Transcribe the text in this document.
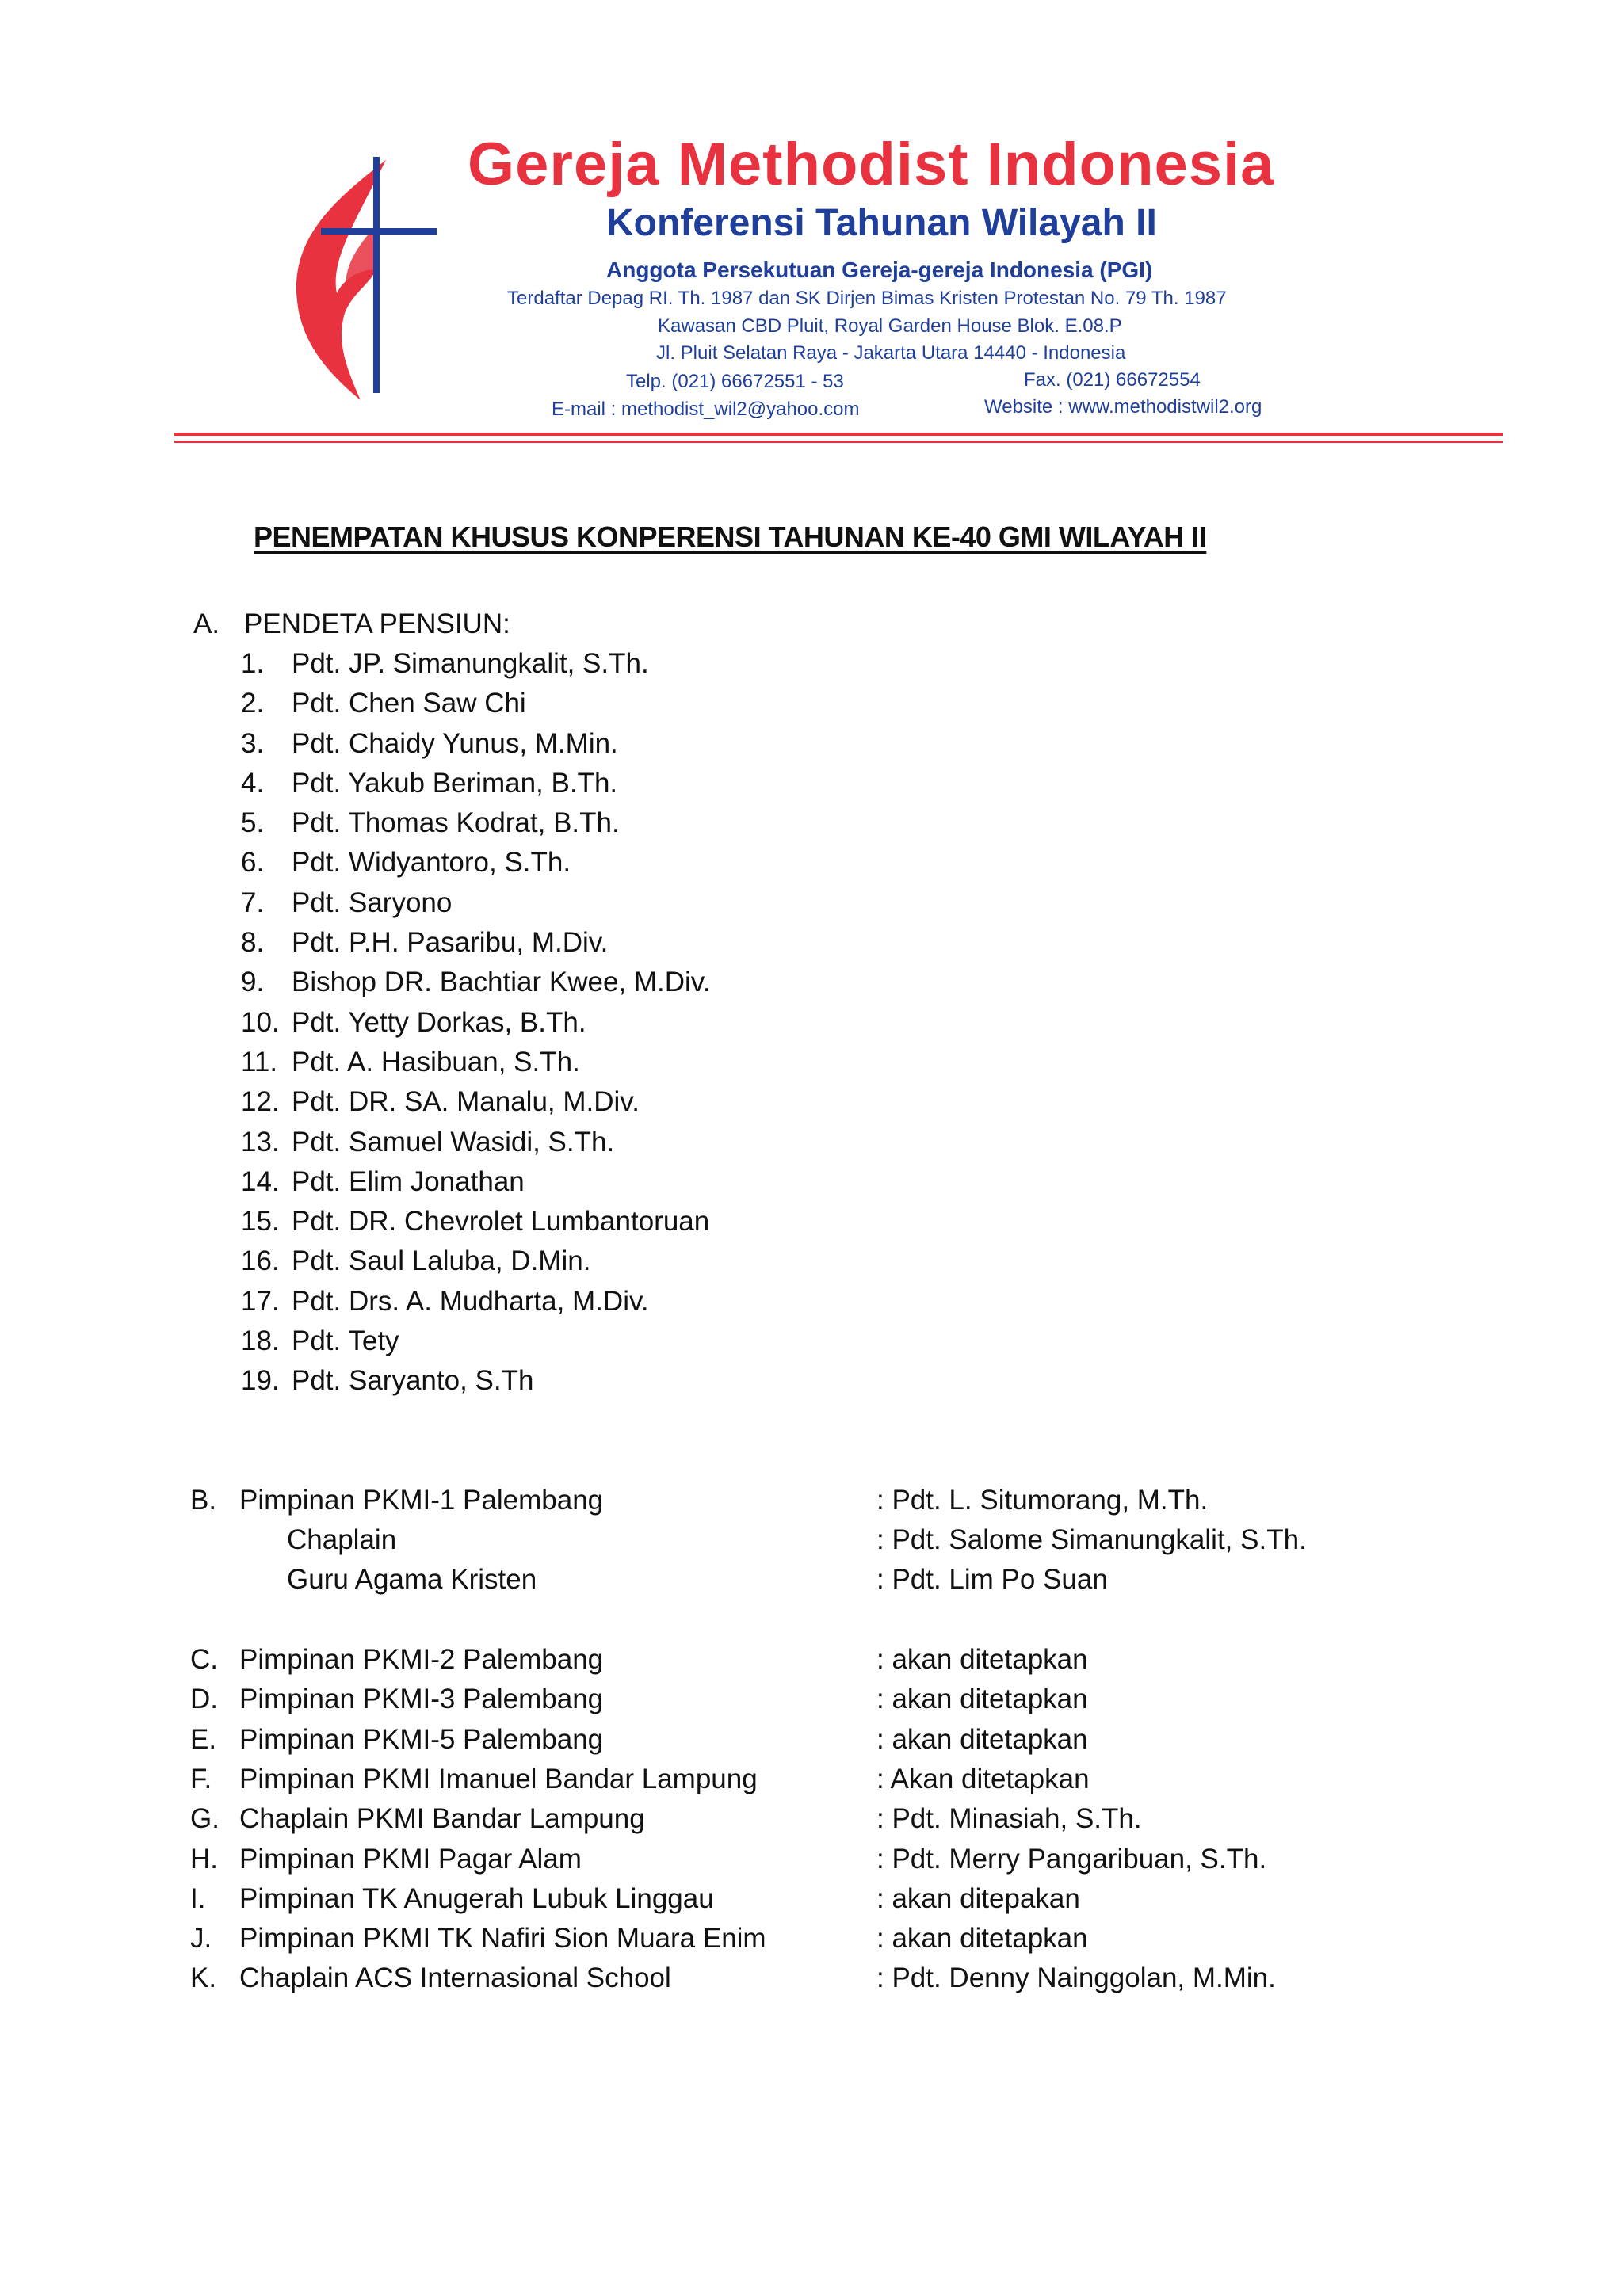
Gereja Methodist Indonesia
Konferensi Tahunan Wilayah II
Anggota Persekutuan Gereja-gereja Indonesia (PGI)
Terdaftar Depag RI. Th. 1987 dan SK Dirjen Bimas Kristen Protestan No. 79 Th. 1987
Kawasan CBD Pluit, Royal Garden House Blok. E.08.P
Jl. Pluit Selatan Raya - Jakarta Utara 14440 - Indonesia
Telp. (021) 66672551 - 53	Fax. (021) 66672554
E-mail : methodist_wil2@yahoo.com	Website : www.methodistwil2.org
PENEMPATAN KHUSUS KONPERENSI TAHUNAN KE-40 GMI WILAYAH II
A. PENDETA PENSIUN:
1. Pdt. JP. Simanungkalit, S.Th.
2. Pdt. Chen Saw Chi
3. Pdt. Chaidy Yunus, M.Min.
4. Pdt. Yakub Beriman, B.Th.
5. Pdt. Thomas Kodrat, B.Th.
6. Pdt. Widyantoro, S.Th.
7. Pdt. Saryono
8. Pdt. P.H. Pasaribu, M.Div.
9. Bishop DR. Bachtiar Kwee, M.Div.
10. Pdt. Yetty Dorkas, B.Th.
11. Pdt. A. Hasibuan, S.Th.
12. Pdt. DR. SA. Manalu, M.Div.
13. Pdt. Samuel Wasidi, S.Th.
14. Pdt. Elim Jonathan
15. Pdt. DR. Chevrolet Lumbantoruan
16. Pdt. Saul Laluba, D.Min.
17. Pdt. Drs. A. Mudharta, M.Div.
18. Pdt. Tety
19. Pdt. Saryanto, S.Th
B. Pimpinan PKMI-1 Palembang	: Pdt. L. Situmorang, M.Th.
Chaplain	: Pdt. Salome Simanungkalit, S.Th.
Guru Agama Kristen	: Pdt. Lim Po Suan
C. Pimpinan PKMI-2 Palembang	: akan ditetapkan
D. Pimpinan PKMI-3 Palembang	: akan ditetapkan
E. Pimpinan PKMI-5 Palembang	: akan ditetapkan
F. Pimpinan PKMI Imanuel Bandar Lampung	: Akan ditetapkan
G. Chaplain PKMI Bandar Lampung	: Pdt. Minasiah, S.Th.
H. Pimpinan PKMI Pagar Alam	: Pdt. Merry Pangaribuan, S.Th.
I. Pimpinan TK Anugerah Lubuk Linggau	: akan ditepakan
J. Pimpinan PKMI TK Nafiri Sion Muara Enim	: akan ditetapkan
K. Chaplain ACS Internasional School	: Pdt. Denny Nainggolan, M.Min.
